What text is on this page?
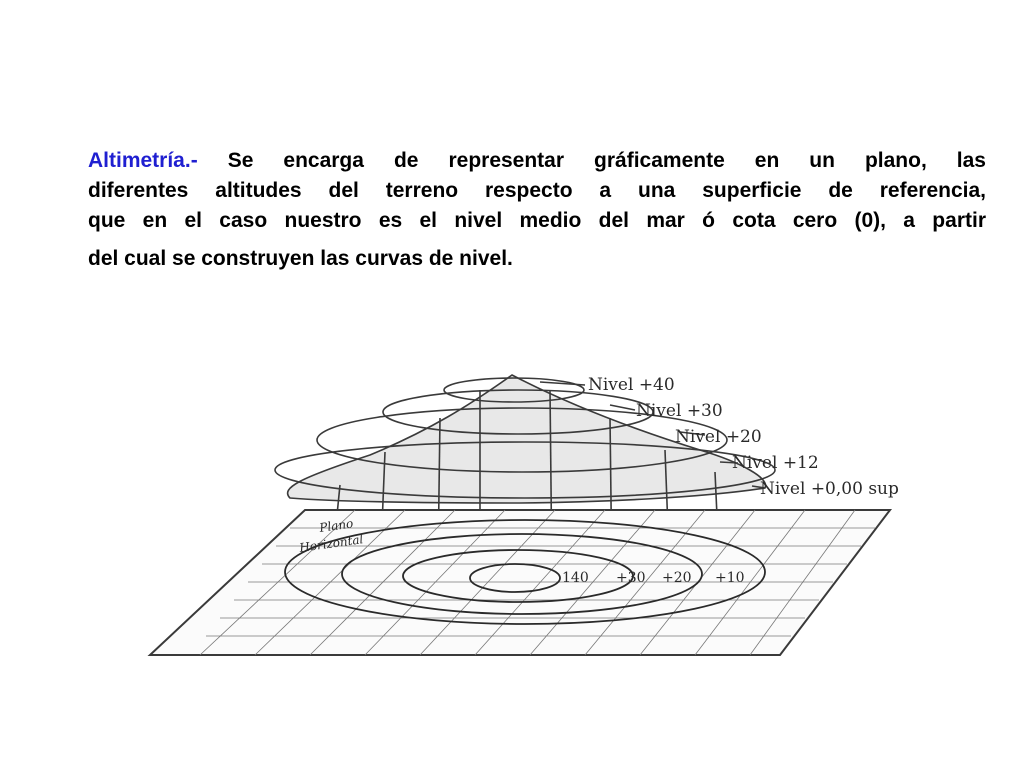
Altimetría.- Se encarga de representar gráficamente en un plano, las
diferentes altitudes del terreno respecto a una superficie de referencia,
que en el caso nuestro es el nivel medio del mar ó cota cero (0), a partir
del cual se construyen las curvas de nivel.
Nivel +40
Nivel +30
Nivel +20
Nivel +12
Nivel +0,00 sup
Plano
Horizontal
140 +30 +20 +10
